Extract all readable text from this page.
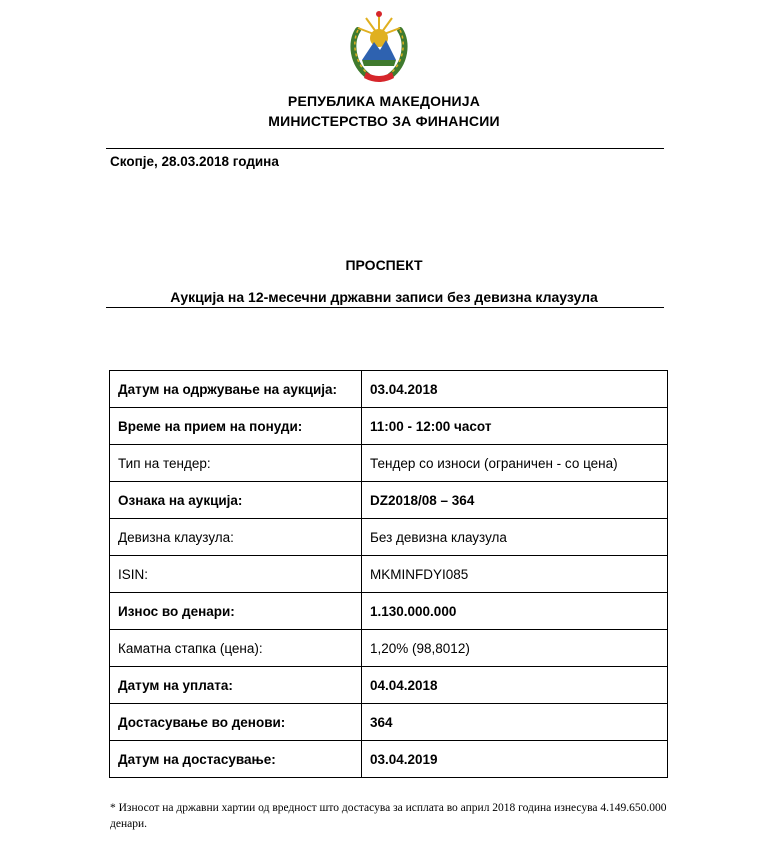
РЕПУБЛИКА МАКЕДОНИЈА
МИНИСТЕРСТВО ЗА ФИНАНСИИ
Скопје, 28.03.2018 година
ПРОСПЕКТ
Аукција на 12-месечни државни записи без девизна клаузула
Датум на одржување на аукција:	03.04.2018
Време на прием на понуди:	11:00 - 12:00 часот
Тип на тендер:	Тендер со износи (ограничен - со цена)
Ознака на аукција:	DZ2018/08 – 364
Девизна клаузула:	Без девизна клаузула
ISIN:	MKMINFDYI085
Износ во денари:	1.130.000.000
Каматна стапка (цена):	1,20% (98,8012)
Датум на уплата:	04.04.2018
Достасување во денови:	364
Датум на достасување:	03.04.2019
* Износот на државни хартии од вредност што достасува за исплата во април 2018 година изнесува 4.149.650.000 денари.
